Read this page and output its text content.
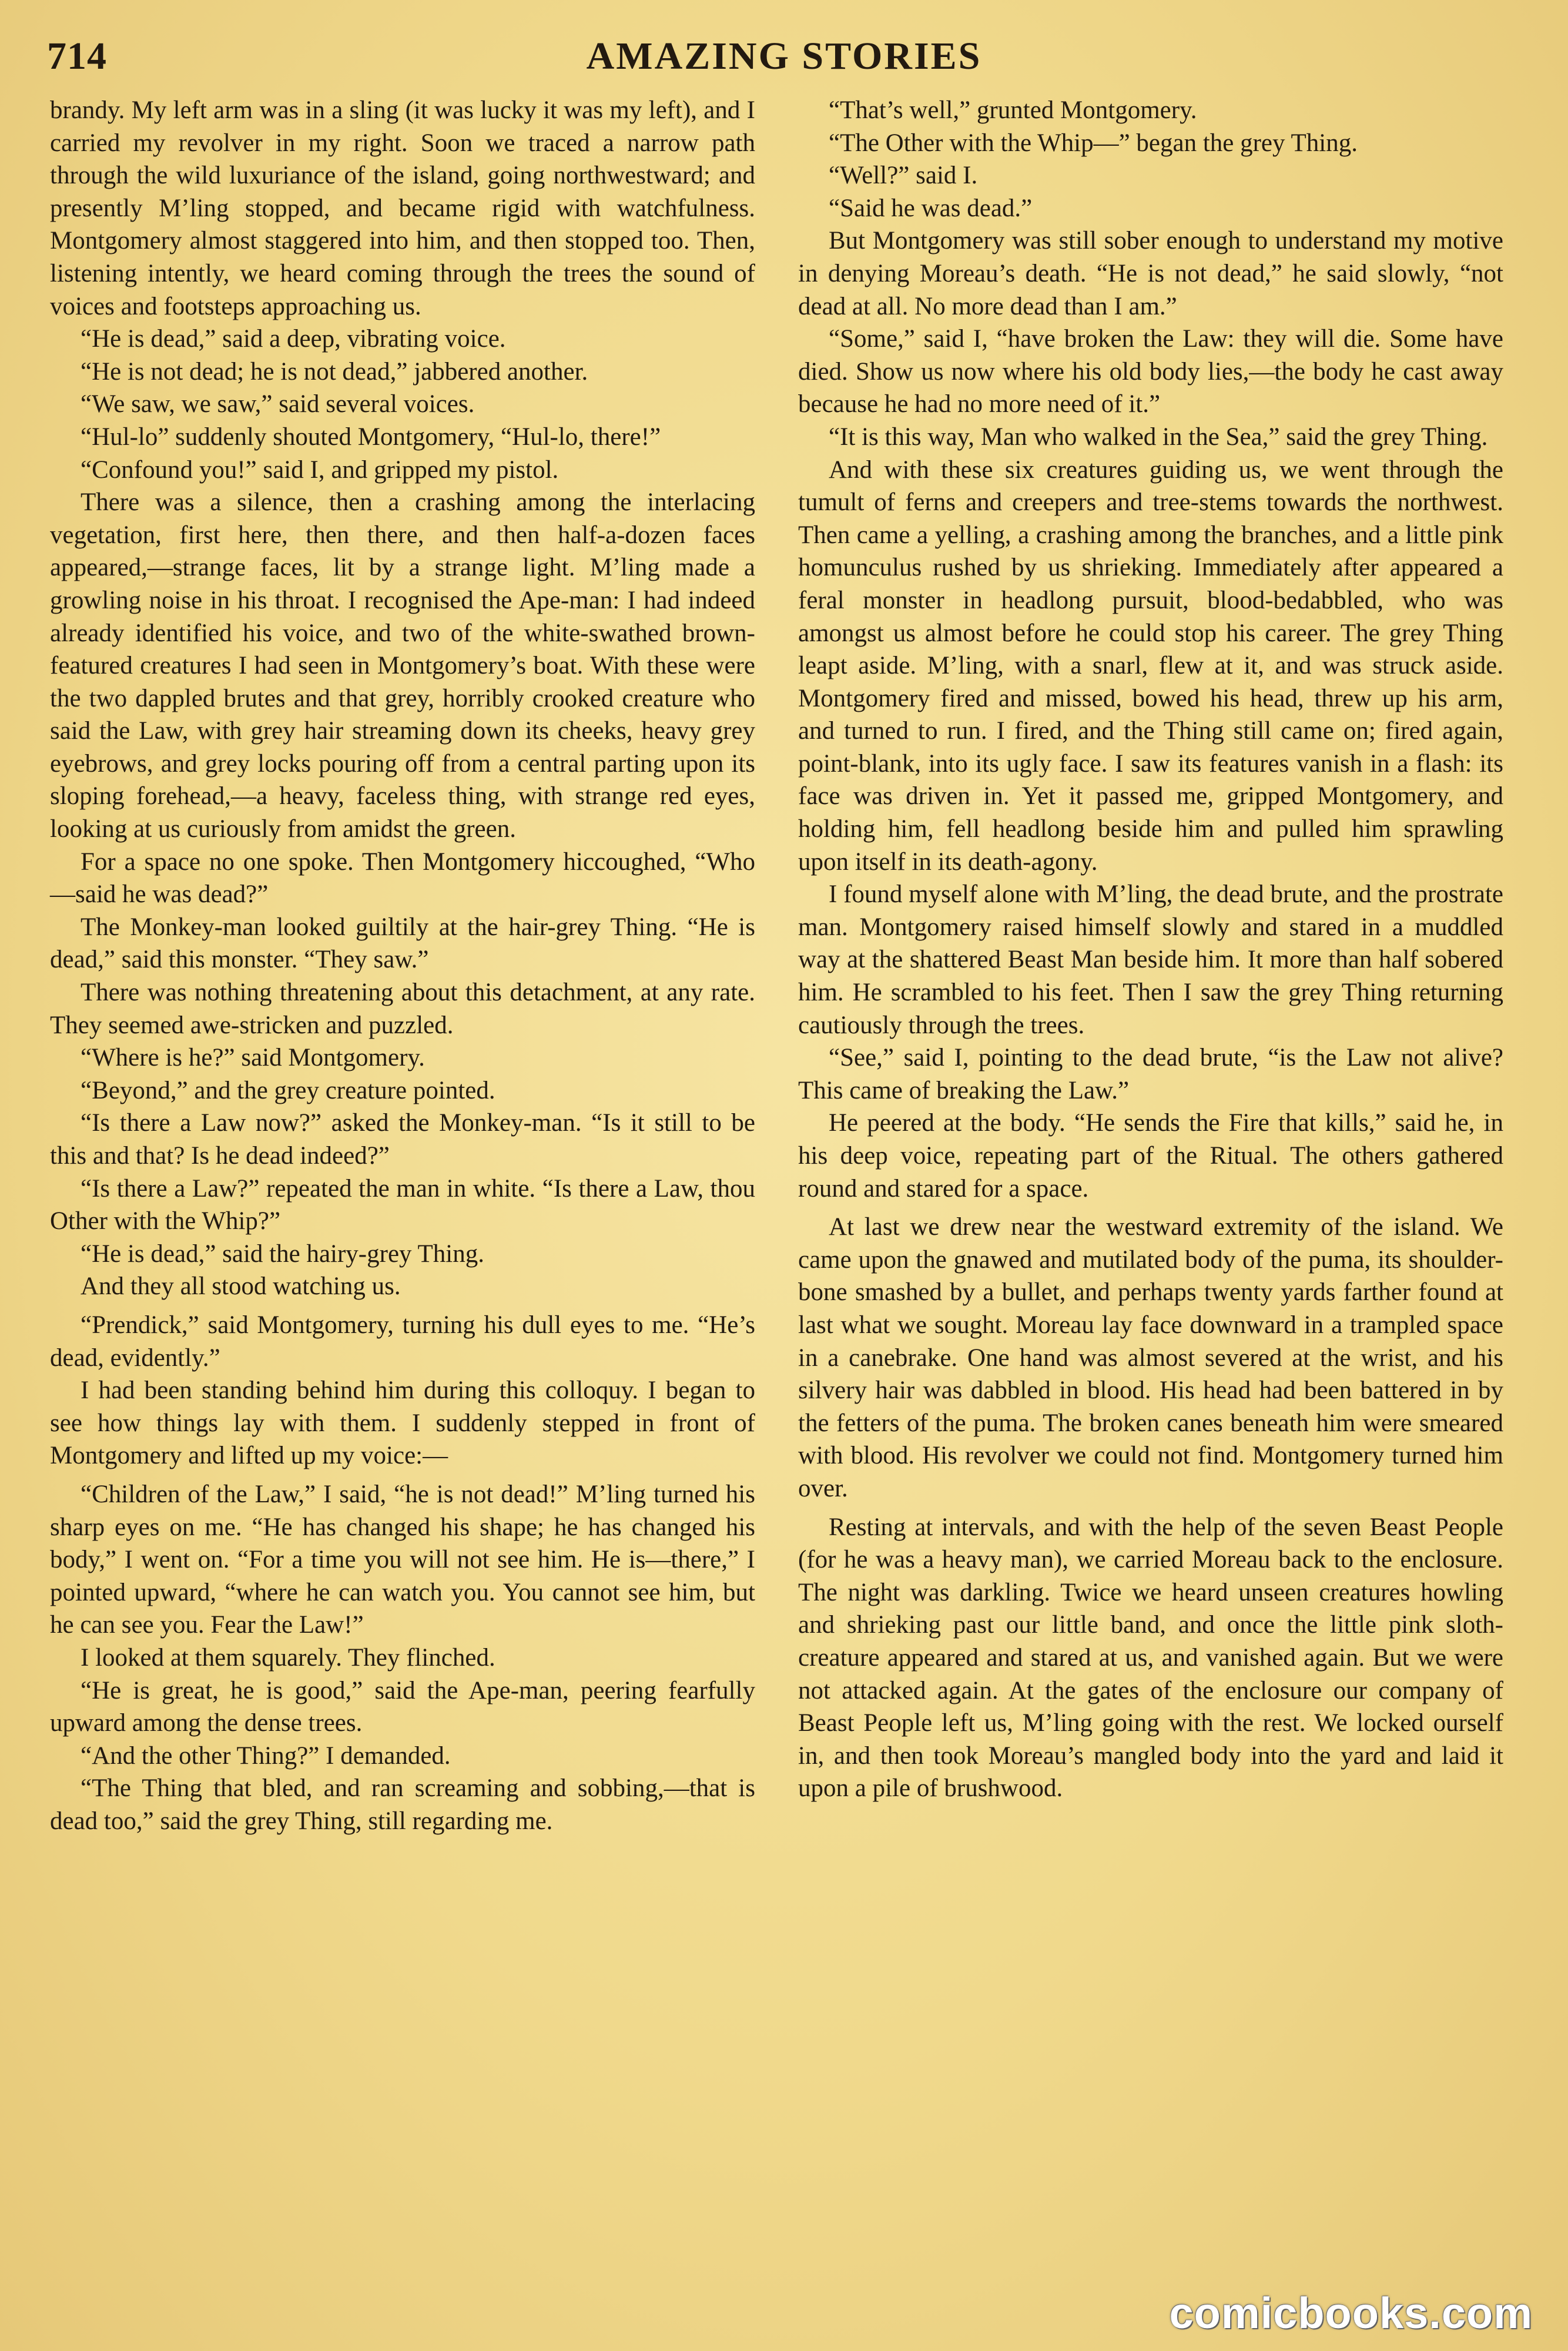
714	AMAZING STORIES

brandy. My left arm was in a sling (it was lucky it was my left), and I carried my revolver in my right. Soon we traced a narrow path through the wild luxuriance of the island, going northwestward; and presently M’ling stopped, and became rigid with watchfulness. Montgomery almost staggered into him, and then stopped too. Then, listening intently, we heard coming through the trees the sound of voices and footsteps approaching us.

“He is dead,” said a deep, vibrating voice.

“He is not dead; he is not dead,” jabbered another.

“We saw, we saw,” said several voices.

“Hul-lo” suddenly shouted Montgomery, “Hul-lo, there!”

“Confound you!” said I, and gripped my pistol.

There was a silence, then a crashing among the interlacing vegetation, first here, then there, and then half-a-dozen faces appeared,—strange faces, lit by a strange light. M’ling made a growling noise in his throat. I recognised the Ape-man: I had indeed already identified his voice, and two of the white-swathed brown-featured creatures I had seen in Montgomery’s boat. With these were the two dappled brutes and that grey, horribly crooked creature who said the Law, with grey hair streaming down its cheeks, heavy grey eyebrows, and grey locks pouring off from a central parting upon its sloping forehead,—a heavy, faceless thing, with strange red eyes, looking at us curiously from amidst the green.

For a space no one spoke. Then Montgomery hiccoughed, “Who—said he was dead?”

The Monkey-man looked guiltily at the hair-grey Thing. “He is dead,” said this monster. “They saw.”

There was nothing threatening about this detachment, at any rate. They seemed awe-stricken and puzzled.

“Where is he?” said Montgomery.

“Beyond,” and the grey creature pointed.

“Is there a Law now?” asked the Monkey-man. “Is it still to be this and that? Is he dead indeed?”

“Is there a Law?” repeated the man in white. “Is there a Law, thou Other with the Whip?”

“He is dead,” said the hairy-grey Thing.

And they all stood watching us.

“Prendick,” said Montgomery, turning his dull eyes to me. “He’s dead, evidently.”

I had been standing behind him during this colloquy. I began to see how things lay with them. I suddenly stepped in front of Montgomery and lifted up my voice:—

“Children of the Law,” I said, “he is not dead!” M’ling turned his sharp eyes on me. “He has changed his shape; he has changed his body,” I went on. “For a time you will not see him. He is—there,” I pointed upward, “where he can watch you. You cannot see him, but he can see you. Fear the Law!”

I looked at them squarely. They flinched.

“He is great, he is good,” said the Ape-man, peering fearfully upward among the dense trees.

“And the other Thing?” I demanded.

“The Thing that bled, and ran screaming and sobbing,—that is dead too,” said the grey Thing, still regarding me.

“That’s well,” grunted Montgomery.

“The Other with the Whip—” began the grey Thing.

“Well?” said I.

“Said he was dead.”

But Montgomery was still sober enough to understand my motive in denying Moreau’s death. “He is not dead,” he said slowly, “not dead at all. No more dead than I am.”

“Some,” said I, “have broken the Law: they will die. Some have died. Show us now where his old body lies,—the body he cast away because he had no more need of it.”

“It is this way, Man who walked in the Sea,” said the grey Thing.

And with these six creatures guiding us, we went through the tumult of ferns and creepers and tree-stems towards the northwest. Then came a yelling, a crashing among the branches, and a little pink homunculus rushed by us shrieking. Immediately after appeared a feral monster in headlong pursuit, blood-bedabbled, who was amongst us almost before he could stop his career. The grey Thing leapt aside. M’ling, with a snarl, flew at it, and was struck aside. Montgomery fired and missed, bowed his head, threw up his arm, and turned to run. I fired, and the Thing still came on; fired again, point-blank, into its ugly face. I saw its features vanish in a flash: its face was driven in. Yet it passed me, gripped Montgomery, and holding him, fell headlong beside him and pulled him sprawling upon itself in its death-agony.

I found myself alone with M’ling, the dead brute, and the prostrate man. Montgomery raised himself slowly and stared in a muddled way at the shattered Beast Man beside him. It more than half sobered him. He scrambled to his feet. Then I saw the grey Thing returning cautiously through the trees.

“See,” said I, pointing to the dead brute, “is the Law not alive? This came of breaking the Law.”

He peered at the body. “He sends the Fire that kills,” said he, in his deep voice, repeating part of the Ritual. The others gathered round and stared for a space.

At last we drew near the westward extremity of the island. We came upon the gnawed and mutilated body of the puma, its shoulder-bone smashed by a bullet, and perhaps twenty yards farther found at last what we sought. Moreau lay face downward in a trampled space in a canebrake. One hand was almost severed at the wrist, and his silvery hair was dabbled in blood. His head had been battered in by the fetters of the puma. The broken canes beneath him were smeared with blood. His revolver we could not find. Montgomery turned him over.

Resting at intervals, and with the help of the seven Beast People (for he was a heavy man), we carried Moreau back to the enclosure. The night was darkling. Twice we heard unseen creatures howling and shrieking past our little band, and once the little pink sloth-creature appeared and stared at us, and vanished again. But we were not attacked again. At the gates of the enclosure our company of Beast People left us, M’ling going with the rest. We locked ourself in, and then took Moreau’s mangled body into the yard and laid it upon a pile of brushwood.

comicbooks.com
